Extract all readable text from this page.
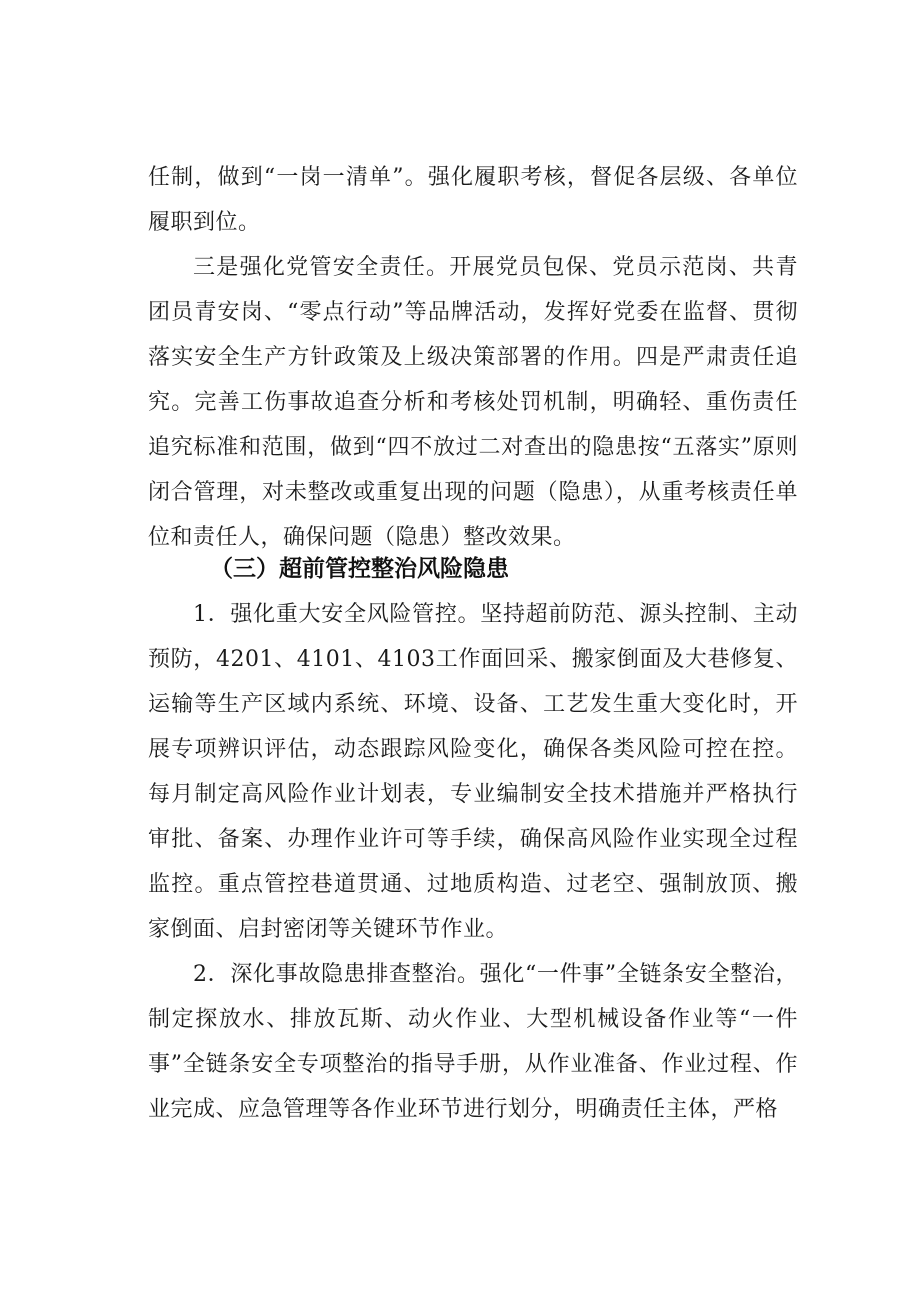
任制，做到“一岗一清单”。强化履职考核，督促各层级、各单位履职到位。

三是强化党管安全责任。开展党员包保、党员示范岗、共青团员青安岗、“零点行动”等品牌活动，发挥好党委在监督、贯彻落实安全生产方针政策及上级决策部署的作用。四是严肃责任追究。完善工伤事故追查分析和考核处罚机制，明确轻、重伤责任追究标准和范围，做到“四不放过二对查出的隐患按“五落实”原则闭合管理，对未整改或重复出现的问题（隐患），从重考核责任单位和责任人，确保问题（隐患）整改效果。

（三）超前管控整治风险隐患

1．强化重大安全风险管控。坚持超前防范、源头控制、主动预防，4201、4101、4103工作面回采、搬家倒面及大巷修复、运输等生产区域内系统、环境、设备、工艺发生重大变化时，开展专项辨识评估，动态跟踪风险变化，确保各类风险可控在控。每月制定高风险作业计划表，专业编制安全技术措施并严格执行审批、备案、办理作业许可等手续，确保高风险作业实现全过程监控。重点管控巷道贯通、过地质构造、过老空、强制放顶、搬家倒面、启封密闭等关键环节作业。

2．深化事故隐患排查整治。强化“一件事”全链条安全整治，制定探放水、排放瓦斯、动火作业、大型机械设备作业等“一件事”全链条安全专项整治的指导手册，从作业准备、作业过程、作业完成、应急管理等各作业环节进行划分，明确责任主体，严格
